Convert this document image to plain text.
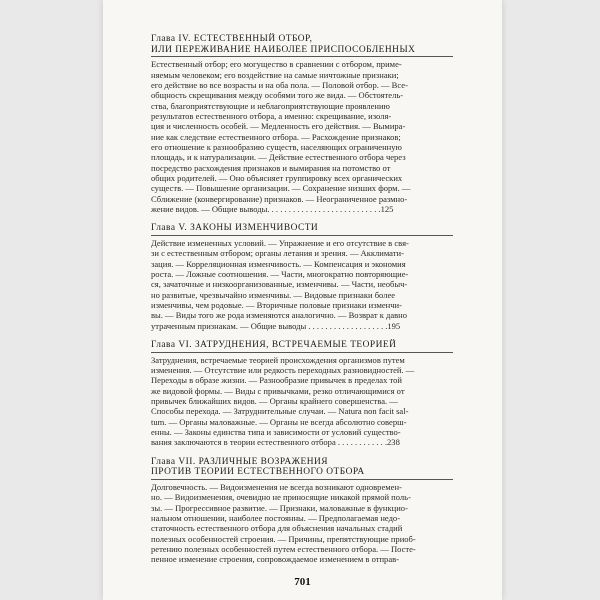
Глава IV. ЕСТЕСТВЕННЫЙ ОТБОР,
ИЛИ ПЕРЕЖИВАНИЕ НАИБОЛЕЕ ПРИСПОСОБЛЕННЫХ
Естественный отбор; его могущество в сравнении с отбором, приме-
няемым человеком; его воздействие на самые ничтожные признаки;
его действие во все возрасты и на оба пола. — Половой отбор. — Все-
общность скрещивания между особями того же вида. — Обстоятель-
ства, благоприятствующие и неблагоприятствующие проявлению
результатов естественного отбора, а именно: скрещивание, изоля-
ция и численность особей. — Медленность его действия. — Вымира-
ние как следствие естественного отбора. — Расхождение признаков;
его отношение к разнообразию существ, населяющих ограниченную
площадь, и к натурализации. — Действие естественного отбора через
посредство расхождения признаков и вымирания на потомство от
общих родителей. — Оно объясняет группировку всех органических
существ. — Повышение организации. — Сохранение низших форм. —
Сближение (конвергирование) признаков. — Неограниченное размно-
жение видов. — Общие выводы. . . . . . . . . . . . . . . . . . . . . . . . . . .125
Глава V. ЗАКОНЫ ИЗМЕНЧИВОСТИ
Действие измененных условий. — Упражнение и его отсутствие в свя-
зи с естественным отбором; органы летания и зрения. — Акклимати-
зация. — Корреляционная изменчивость. — Компенсация и экономия
роста. — Ложные соотношения. — Части, многократно повторяющие-
ся, зачаточные и низкоорганизованные, изменчивы. — Части, необыч-
но развитые, чрезвычайно изменчивы. — Видовые признаки более
изменчивы, чем родовые. — Вторичные половые признаки изменчи-
вы. — Виды того же рода изменяются аналогично. — Возврат к давно
утраченным признакам. — Общие выводы . . . . . . . . . . . . . . . . . . .195
Глава VI. ЗАТРУДНЕНИЯ, ВСТРЕЧАЕМЫЕ ТЕОРИЕЙ
Затруднения, встречаемые теорией происхождения организмов путем
изменения. — Отсутствие или редкость переходных разновидностей. —
Переходы в образе жизни. — Разнообразие привычек в пределах той
же видовой формы. — Виды с привычками, резко отличающимися от
привычек ближайших видов. — Органы крайнего совершенства. —
Способы перехода. — Затруднительные случаи. — Natura non facit sal-
tum. — Органы маловажные. — Органы не всегда абсолютно соверш-
енны. — Законы единства типа и зависимости от условий существо-
вания заключаются в теории естественного отбора . . . . . . . . . . . .238
Глава VII. РАЗЛИЧНЫЕ ВОЗРАЖЕНИЯ
ПРОТИВ ТЕОРИИ ЕСТЕСТВЕННОГО ОТБОРА
Долговечность. — Видоизменения не всегда возникают одновремен-
но. — Видоизменения, очевидно не приносящие никакой прямой поль-
зы. — Прогрессивное развитие. — Признаки, маловажные в функцио-
нальном отношении, наиболее постоянны. — Предполагаемая недо-
статочность естественного отбора для объяснения начальных стадий
полезных особенностей строения. — Причины, препятствующие приоб-
ретению полезных особенностей путем естественного отбора. — Посте-
пенное изменение строения, сопровождаемое изменением в отправ-
701
